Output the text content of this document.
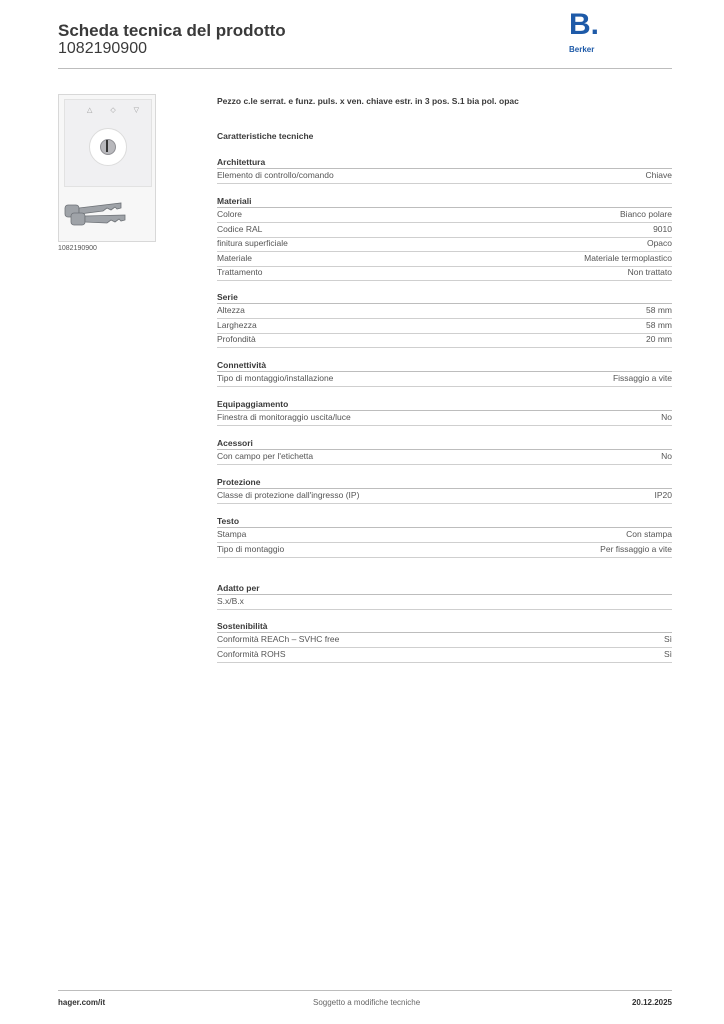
Scheda tecnica del prodotto
1082190900
B.
Berker
△ ◇ ▽
1082190900
Pezzo c.le serrat. e funz. puls. x ven. chiave estr. in 3 pos. S.1 bia pol. opac
Caratteristiche tecniche
Architettura
Elemento di controllo/comando	Chiave
Materiali
Colore	Bianco polare
Codice RAL	9010
finitura superficiale	Opaco
Materiale	Materiale termoplastico
Trattamento	Non trattato
Serie
Altezza	58 mm
Larghezza	58 mm
Profondità	20 mm
Connettività
Tipo di montaggio/installazione	Fissaggio a vite
Equipaggiamento
Finestra di monitoraggio uscita/luce	No
Acessori
Con campo per l'etichetta	No
Protezione
Classe di protezione dall'ingresso (IP)	IP20
Testo
Stampa	Con stampa
Tipo di montaggio	Per fissaggio a vite
Adatto per
S.x/B.x
Sostenibilità
Conformità REACh – SVHC free	Sì
Conformità ROHS	Sì
hager.com/it	Soggetto a modifiche tecniche	20.12.2025
